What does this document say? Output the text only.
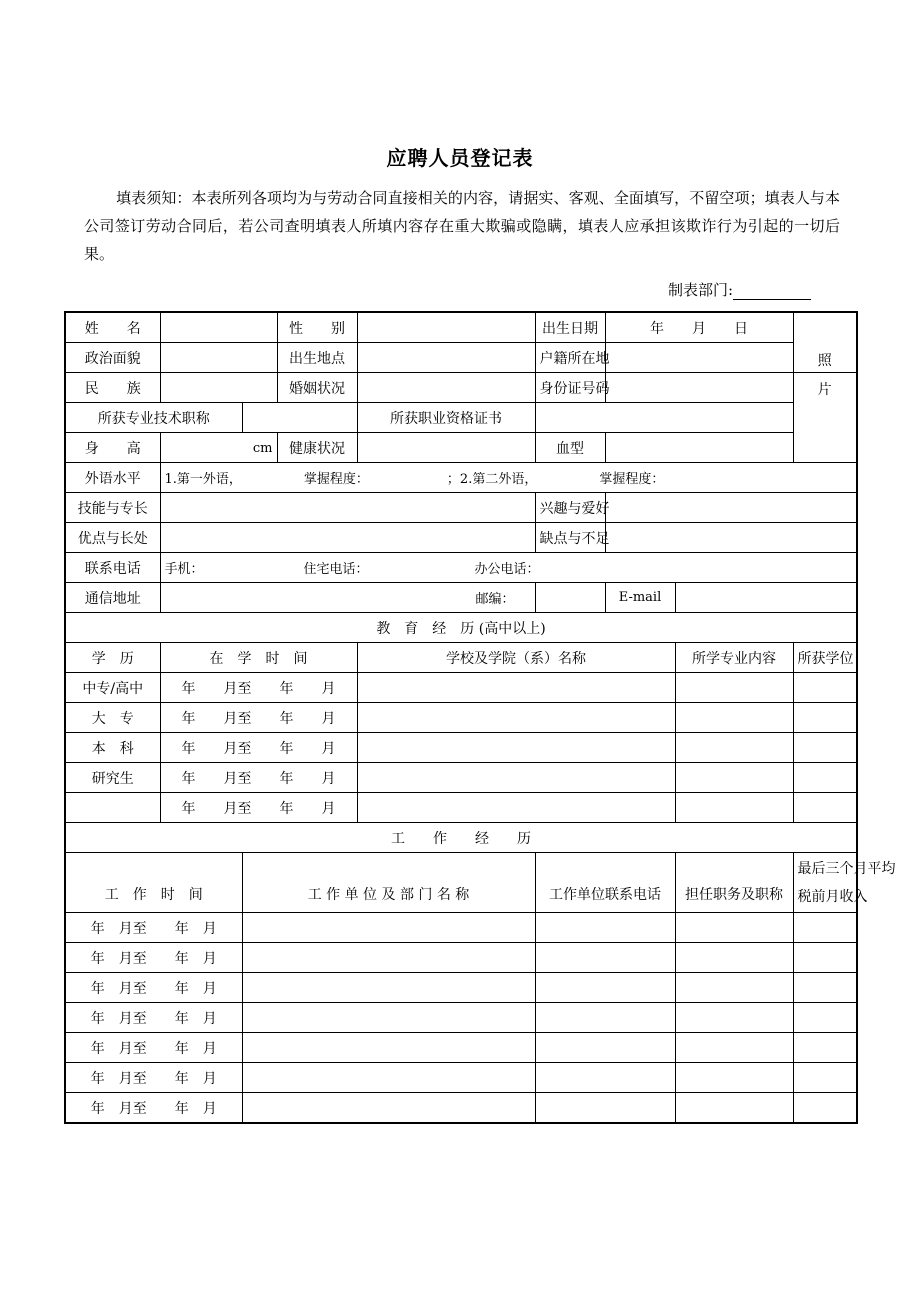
应聘人员登记表
填表须知：本表所列各项均为与劳动合同直接相关的内容，请据实、客观、全面填写，不留空项；填表人与本公司签订劳动合同后，若公司查明填表人所填内容存在重大欺骗或隐瞒，填表人应承担该欺诈行为引起的一切后果。
制表部门:
姓　　名			性　　别		出生日期	年　　月　　日		照
政治面貌			出生地点		户籍所在地			
民　　族			婚姻状况		身份证号码			片
所获专业技术职称				所获职业资格证书				
身　　高	cm		健康状况		血型			
外语水平	1.第一外语， 掌握程度： ；2.第二外语， 掌握程度：							
技能与专长					兴趣与爱好			
优点与长处					缺点与不足			
联系电话	手机： 住宅电话： 办公电话：							
通信地址	邮编：					E-mail		
教　育　经　历 (高中以上)								
学　历	在　学　时　间			学校及学院（系）名称			所学专业内容	所获学位
中专/高中	年　　月至　　年　　月							
大　专	年　　月至　　年　　月							
本　科	年　　月至　　年　　月							
研究生	年　　月至　　年　　月							
	年　　月至　　年　　月							
工　　作　　经　　历								
工　作　时　间		工 作 单 位 及 部 门 名 称			工作单位联系电话		担任职务及职称	最后三个月平均
税前月收入

年　月至　　年　月								
年　月至　　年　月								
年　月至　　年　月								
年　月至　　年　月								
年　月至　　年　月								
年　月至　　年　月								
年　月至　　年　月								
